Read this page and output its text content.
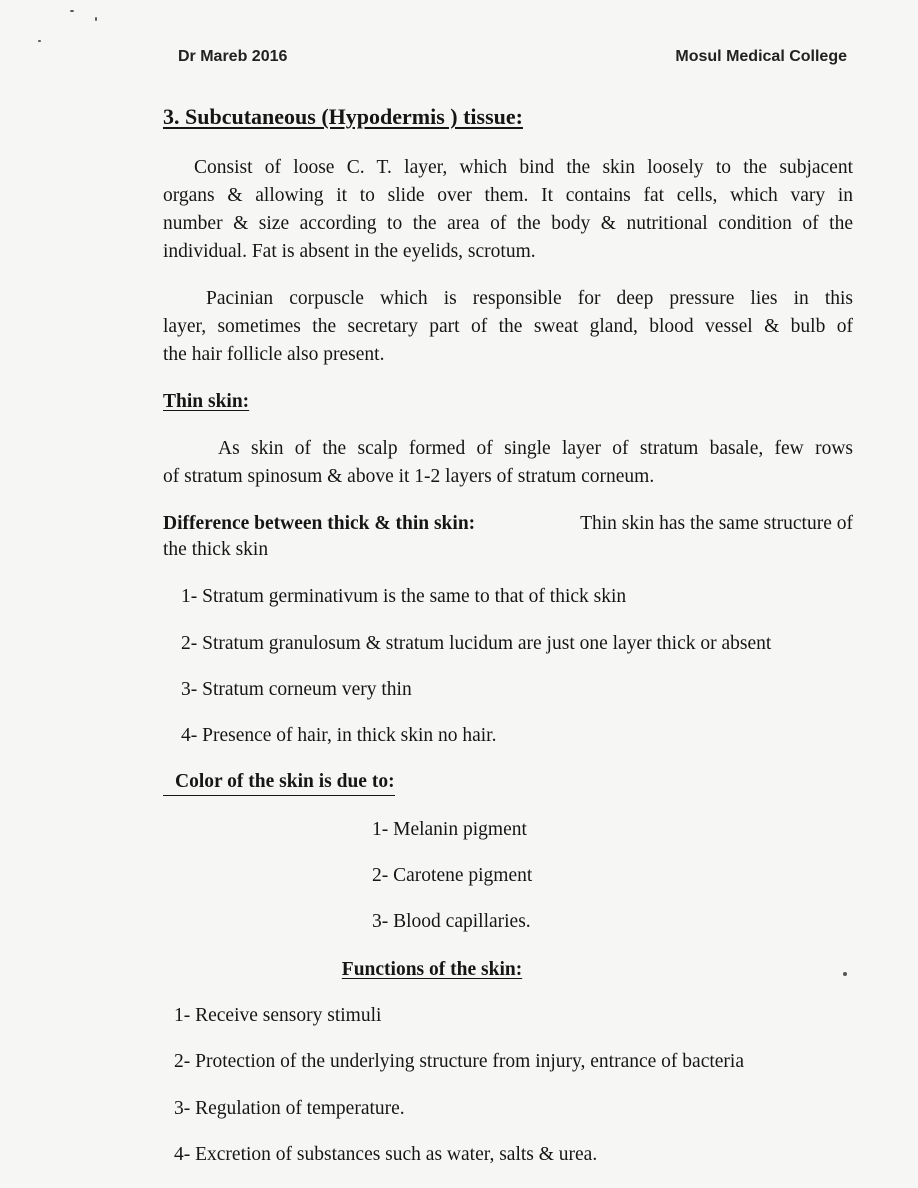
Dr Mareb 2016	Mosul Medical College
3. Subcutaneous (Hypodermis ) tissue:
Consist of loose C. T. layer, which bind the skin loosely to the subjacent
organs & allowing it to slide over them. It contains fat cells, which vary in
number & size according to the area of the body & nutritional condition of the
individual. Fat is absent in the eyelids, scrotum.
Pacinian corpuscle which is responsible for deep pressure lies in this
layer, sometimes the secretary part of the sweat gland, blood vessel & bulb of
the hair follicle also present.
Thin skin:
As skin of the scalp formed of single layer of stratum basale, few rows
of stratum spinosum & above it 1-2 layers of stratum corneum.
Difference between thick & thin skin:	Thin skin has the same structure of
the thick skin
1- Stratum germinativum is the same to that of thick skin
2- Stratum granulosum & stratum lucidum are just one layer thick or absent
3- Stratum corneum very thin
4- Presence of hair, in thick skin no hair.
Color of the skin is due to:
1- Melanin pigment
2- Carotene pigment
3- Blood capillaries.
Functions of the skin:
1- Receive sensory stimuli
2- Protection of the underlying structure from injury, entrance of bacteria
3- Regulation of temperature.
4- Excretion of substances such as water, salts & urea.
